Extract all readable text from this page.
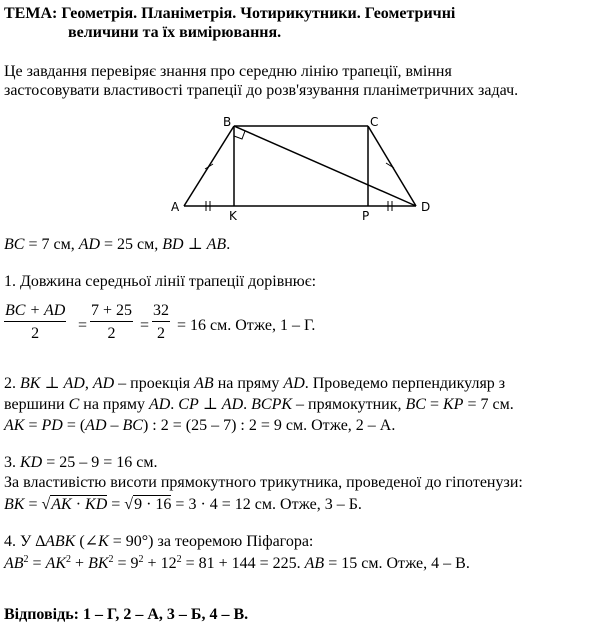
ТЕМА: Геометрія. Планіметрія. Чотирикутники. Геометричні
величини та їх вимірювання.
Це завдання перевіряє знання про середню лінію трапеції, вміння
застосовувати властивості трапеції до розв'язування планіметричних задач.
A
B	C
D
K	P
BC = 7 см, AD = 25 см, BD ⊥ AB.
1. Довжина середньої лінії трапеції дорівнює:
$\frac{BC + AD}{2} = \frac{7 + 25}{2} = \frac{32}{2} = 16$ см. Отже, 1 – Г.
2. BK ⊥ AD, AD – проекція AB на пряму AD. Проведемо перпендикуляр з
вершини C на пряму AD. CP ⊥ AD. BCPK – прямокутник, BC = KP = 7 см.
AK = PD = (AD – BC) : 2 = (25 – 7) : 2 = 9 см. Отже, 2 – А.
3. KD = 25 – 9 = 16 см.
За властивістю висоти прямокутного трикутника, проведеної до гіпотенузи:
BK = √AK · KD = √9 · 16 = 3 · 4 = 12 см. Отже, 3 – Б.
4. У ∆ABK (∠K = 90°) за теоремою Піфагора:
$AB^2 = AK^2 + BK^2 = 9^2 + 12^2 = 81 + 144 = 225$. AB = 15 см. Отже, 4 – В.
Відповідь: 1 – Г, 2 – А, 3 – Б, 4 – В.
